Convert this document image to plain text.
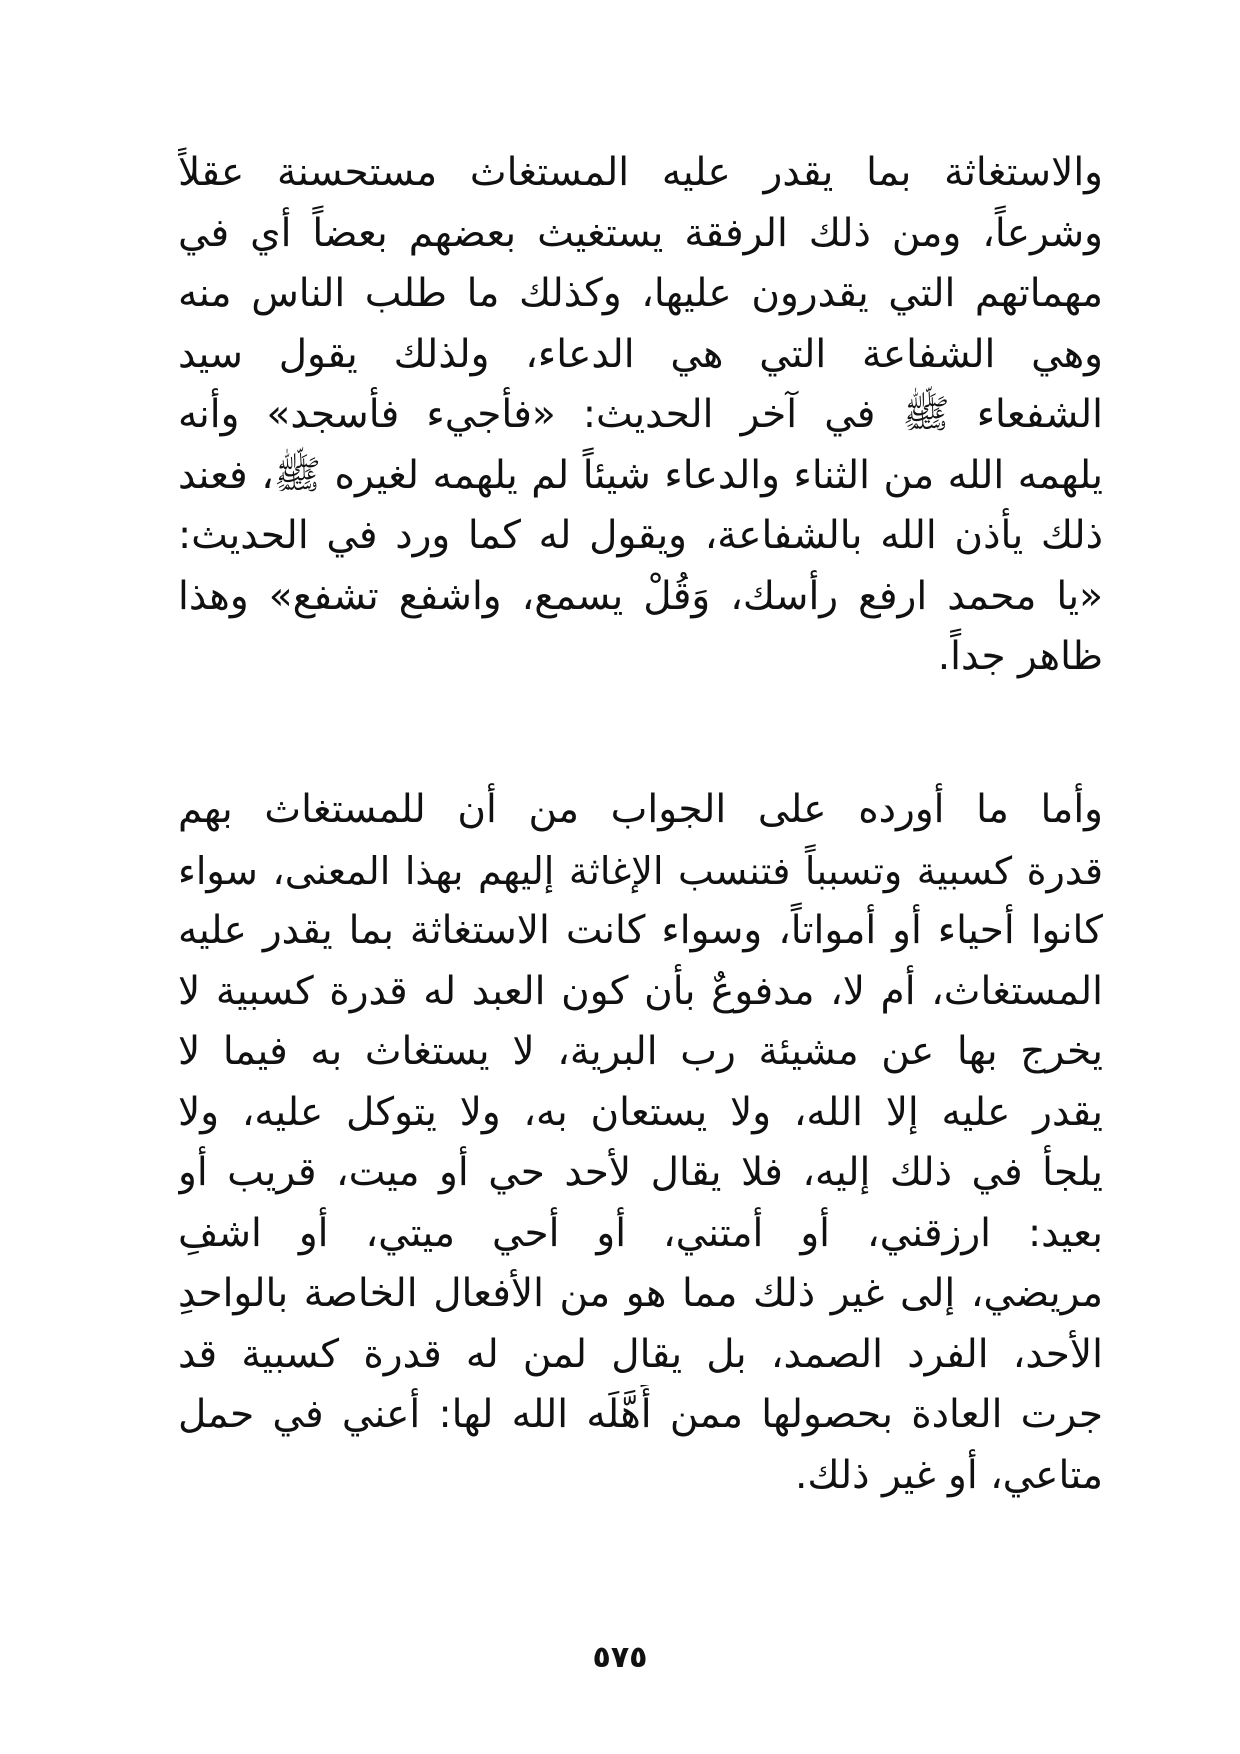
والاستغاثة بما يقدر عليه المستغاث مستحسنة عقلاً
وشرعاً، ومن ذلك الرفقة يستغيث بعضهم بعضاً أي في
مهماتهم التي يقدرون عليها، وكذلك ما طلب الناس منه
وهي الشفاعة التي هي الدعاء، ولذلك يقول سيد
الشفعاء ﷺ في آخر الحديث: «فأجيء فأسجد» وأنه
يلهمه الله من الثناء والدعاء شيئاً لم يلهمه لغيره ﷺ، فعند
ذلك يأذن الله بالشفاعة، ويقول له كما ورد في الحديث:
«يا محمد ارفع رأسك، وَقُلْ يسمع، واشفع تشفع» وهذا
ظاهر جداً.
وأما ما أورده على الجواب من أن للمستغاث بهم
قدرة كسبية وتسبباً فتنسب الإغاثة إليهم بهذا المعنى، سواء
كانوا أحياء أو أمواتاً، وسواء كانت الاستغاثة بما يقدر عليه
المستغاث، أم لا، مدفوعٌ بأن كون العبد له قدرة كسبية لا
يخرج بها عن مشيئة رب البرية، لا يستغاث به فيما لا
يقدر عليه إلا الله، ولا يستعان به، ولا يتوكل عليه، ولا
يلجأ في ذلك إليه، فلا يقال لأحد حي أو ميت، قريب أو
بعيد: ارزقني، أو أمتني، أو أحي ميتي، أو اشفِ
مريضي، إلى غير ذلك مما هو من الأفعال الخاصة بالواحدِ
الأحد، الفرد الصمد، بل يقال لمن له قدرة كسبية قد
جرت العادة بحصولها ممن أَهَّلَه الله لها: أعني في حمل
متاعي، أو غير ذلك.
٥٧٥
